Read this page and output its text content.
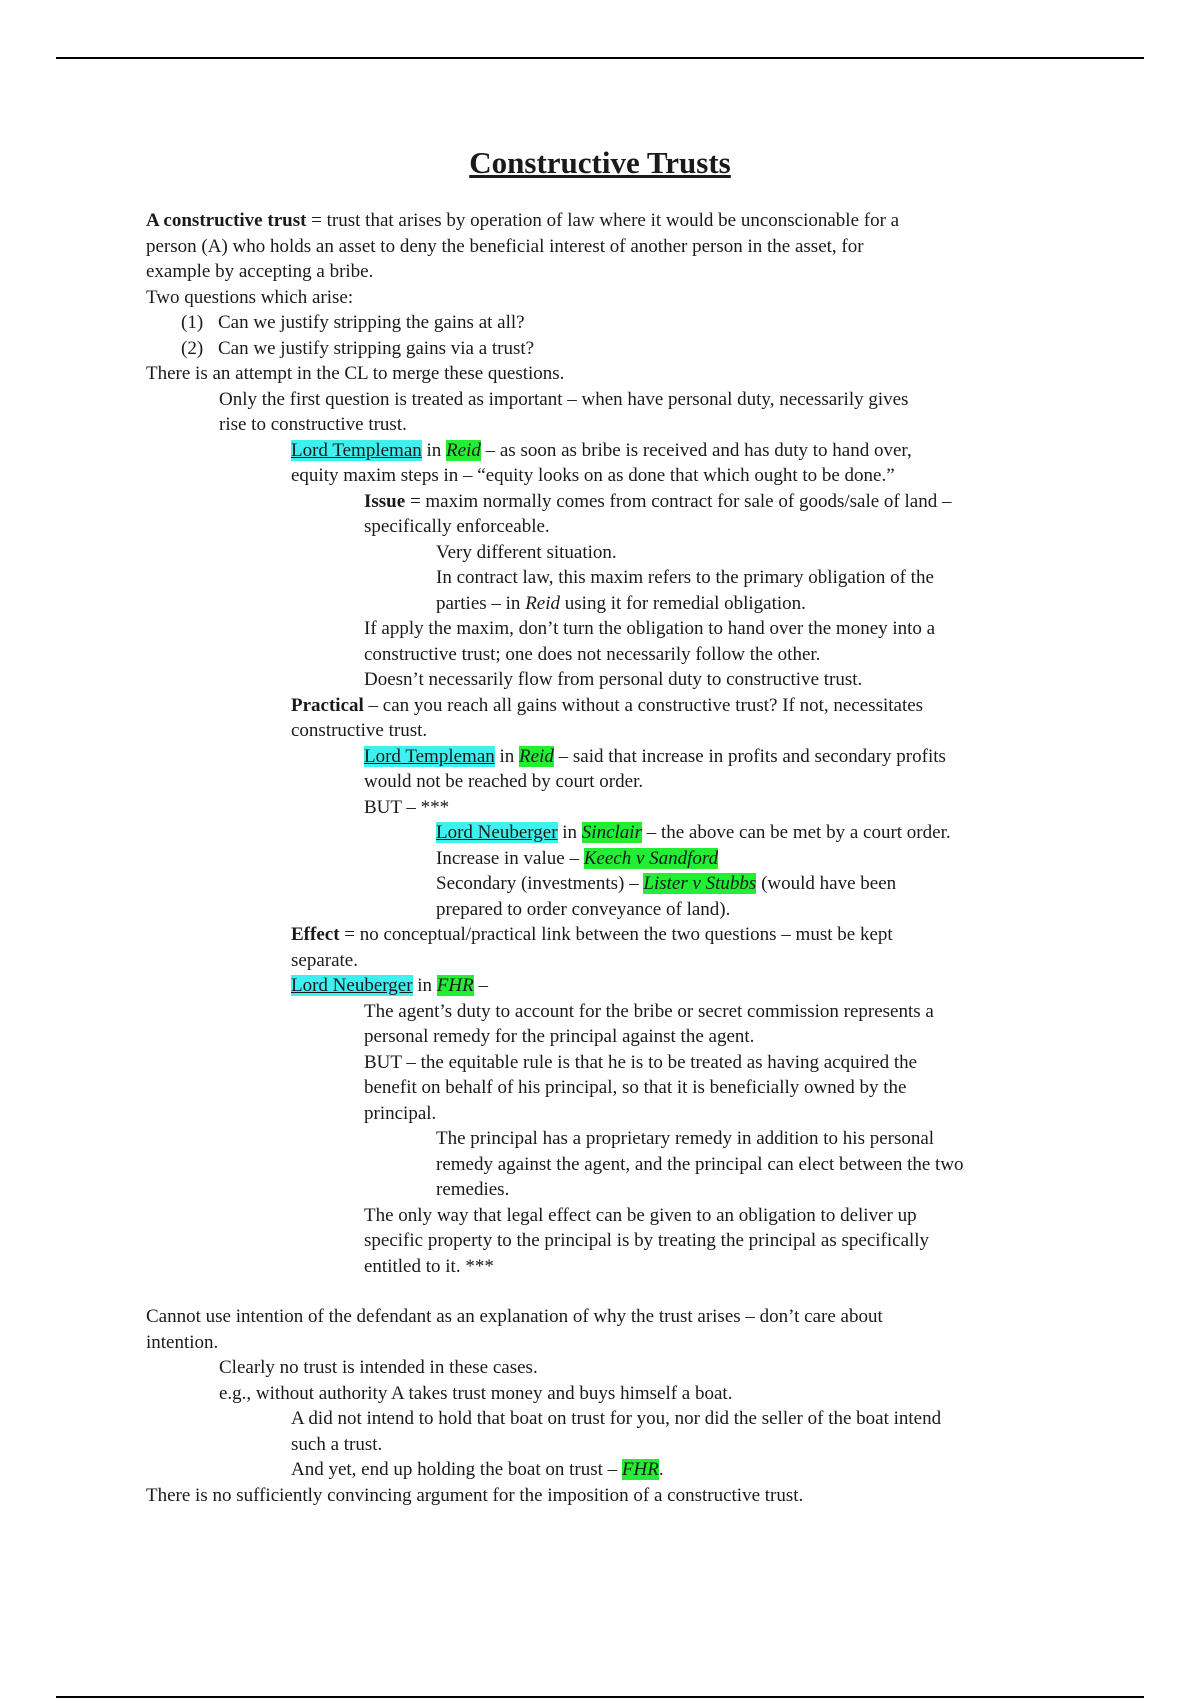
Constructive Trusts
A constructive trust = trust that arises by operation of law where it would be unconscionable for a
person (A) who holds an asset to deny the beneficial interest of another person in the asset, for
example by accepting a bribe.
Two questions which arise:
(1) Can we justify stripping the gains at all?
(2) Can we justify stripping gains via a trust?
There is an attempt in the CL to merge these questions.
Only the first question is treated as important – when have personal duty, necessarily gives
rise to constructive trust.
Lord Templeman in Reid – as soon as bribe is received and has duty to hand over,
equity maxim steps in – “equity looks on as done that which ought to be done.”
Issue = maxim normally comes from contract for sale of goods/sale of land –
specifically enforceable.
Very different situation.
In contract law, this maxim refers to the primary obligation of the
parties – in Reid using it for remedial obligation.
If apply the maxim, don’t turn the obligation to hand over the money into a
constructive trust; one does not necessarily follow the other.
Doesn’t necessarily flow from personal duty to constructive trust.
Practical – can you reach all gains without a constructive trust? If not, necessitates
constructive trust.
Lord Templeman in Reid – said that increase in profits and secondary profits
would not be reached by court order.
BUT – ***
Lord Neuberger in Sinclair – the above can be met by a court order.
Increase in value – Keech v Sandford
Secondary (investments) – Lister v Stubbs (would have been
prepared to order conveyance of land).
Effect = no conceptual/practical link between the two questions – must be kept
separate.
Lord Neuberger in FHR –
The agent’s duty to account for the bribe or secret commission represents a
personal remedy for the principal against the agent.
BUT – the equitable rule is that he is to be treated as having acquired the
benefit on behalf of his principal, so that it is beneficially owned by the
principal.
The principal has a proprietary remedy in addition to his personal
remedy against the agent, and the principal can elect between the two
remedies.
The only way that legal effect can be given to an obligation to deliver up
specific property to the principal is by treating the principal as specifically
entitled to it. ***
Cannot use intention of the defendant as an explanation of why the trust arises – don’t care about
intention.
Clearly no trust is intended in these cases.
e.g., without authority A takes trust money and buys himself a boat.
A did not intend to hold that boat on trust for you, nor did the seller of the boat intend
such a trust.
And yet, end up holding the boat on trust – FHR.
There is no sufficiently convincing argument for the imposition of a constructive trust.
